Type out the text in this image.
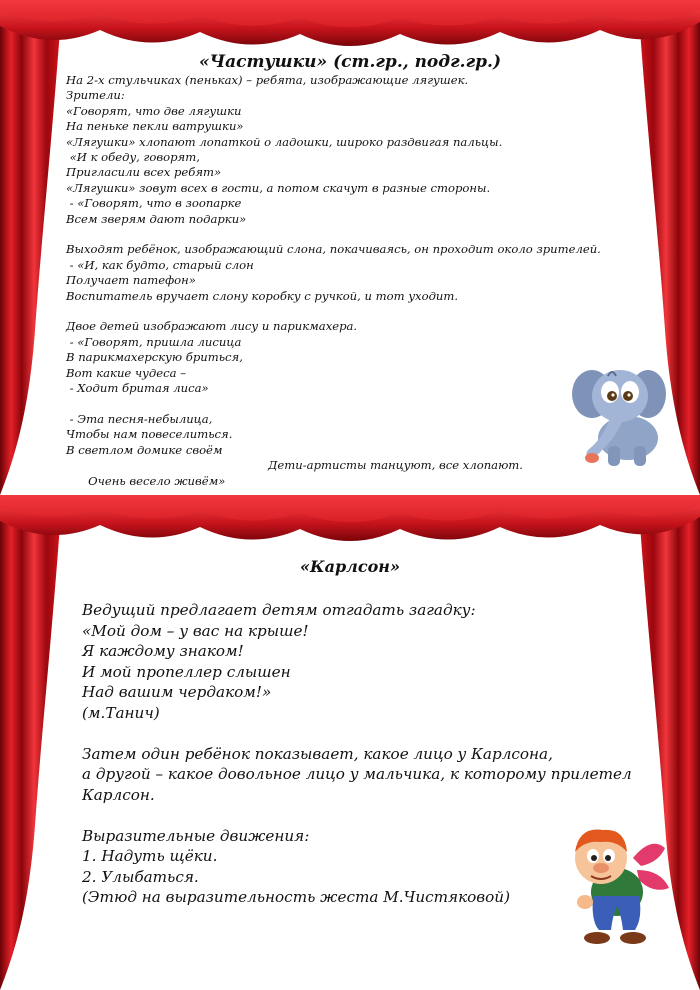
«Частушки» (ст.гр., подг.гр.)
На 2-х стульчиках (пеньках) – ребята, изображающие лягушек.
Зрители:
«Говорят, что две лягушки
На пеньке пекли ватрушки»
«Лягушки» хлопают лопаткой о ладошки, широко раздвигая пальцы.
«И к обеду, говорят,
Пригласили всех ребят»
«Лягушки» зовут всех в гости, а потом скачут в разные стороны.
- «Говорят, что в зоопарке
Всем зверям дают подарки»
Выходят ребёнок, изображающий слона, покачиваясь, он проходит около зрителей.
- «И, как будто, старый слон
Получает патефон»
Воспитатель вручает слону коробку с ручкой, и тот уходит.
Двое детей изображают лису и парикмахера.
- «Говорят, пришла лисица
В парикмахерскую бриться,
Вот какие чудеса –
- Ходит бритая лиса»
- Эта песня-небылица,
Чтобы нам повеселиться.
В светлом домике своём

Очень весело живём»

Дети-артисты танцуют, все хлопают.

«Карлсон»
Ведущий предлагает детям отгадать загадку:
«Мой дом – у вас на крыше!
Я каждому знаком!
И мой пропеллер слышен
Над вашим чердаком!»
(м.Танич)
Затем один ребёнок показывает, какое лицо у Карлсона,
а другой – какое довольное лицо у мальчика, к которому прилетел
Карлсон.
Выразительные движения:
1. Надуть щёки.
2. Улыбаться.
(Этюд на выразительность жеста М.Чистяковой)
